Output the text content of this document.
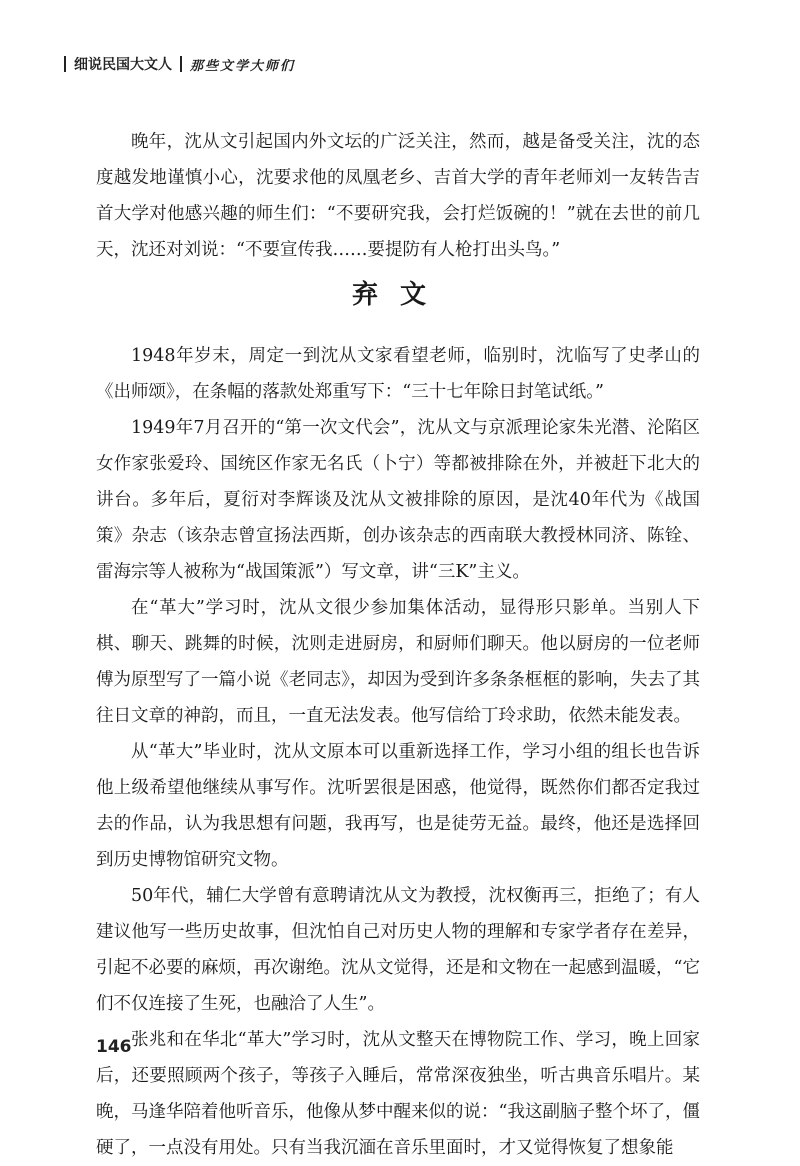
细说民国大文人 那些文学大师们

晚年，沈从文引起国内外文坛的广泛关注，然而，越是备受关注，沈的态度越发地谨慎小心，沈要求他的凤凰老乡、吉首大学的青年老师刘一友转告吉首大学对他感兴趣的师生们：“不要研究我，会打烂饭碗的！”就在去世的前几天，沈还对刘说：“不要宣传我……要提防有人枪打出头鸟。”

弃文

1948年岁末，周定一到沈从文家看望老师，临别时，沈临写了史孝山的《出师颂》，在条幅的落款处郑重写下：“三十七年除日封笔试纸。”

1949年7月召开的“第一次文代会”，沈从文与京派理论家朱光潜、沦陷区女作家张爱玲、国统区作家无名氏（卜宁）等都被排除在外，并被赶下北大的讲台。多年后，夏衍对李辉谈及沈从文被排除的原因，是沈40年代为《战国策》杂志（该杂志曾宣扬法西斯，创办该杂志的西南联大教授林同济、陈铨、雷海宗等人被称为“战国策派”）写文章，讲“三K”主义。

在“革大”学习时，沈从文很少参加集体活动，显得形只影单。当别人下棋、聊天、跳舞的时候，沈则走进厨房，和厨师们聊天。他以厨房的一位老师傅为原型写了一篇小说《老同志》，却因为受到许多条条框框的影响，失去了其往日文章的神韵，而且，一直无法发表。他写信给丁玲求助，依然未能发表。

从“革大”毕业时，沈从文原本可以重新选择工作，学习小组的组长也告诉他上级希望他继续从事写作。沈听罢很是困惑，他觉得，既然你们都否定我过去的作品，认为我思想有问题，我再写，也是徒劳无益。最终，他还是选择回到历史博物馆研究文物。

50年代，辅仁大学曾有意聘请沈从文为教授，沈权衡再三，拒绝了；有人建议他写一些历史故事，但沈怕自己对历史人物的理解和专家学者存在差异，引起不必要的麻烦，再次谢绝。沈从文觉得，还是和文物在一起感到温暖，“它们不仅连接了生死，也融洽了人生”。

张兆和在华北“革大”学习时，沈从文整天在博物院工作、学习，晚上回家后，还要照顾两个孩子，等孩子入睡后，常常深夜独坐，听古典音乐唱片。某晚，马逢华陪着他听音乐，他像从梦中醒来似的说：“我这副脑子整个坏了，僵硬了，一点没有用处。只有当我沉湎在音乐里面时，才又觉得恢复了想象能

146
